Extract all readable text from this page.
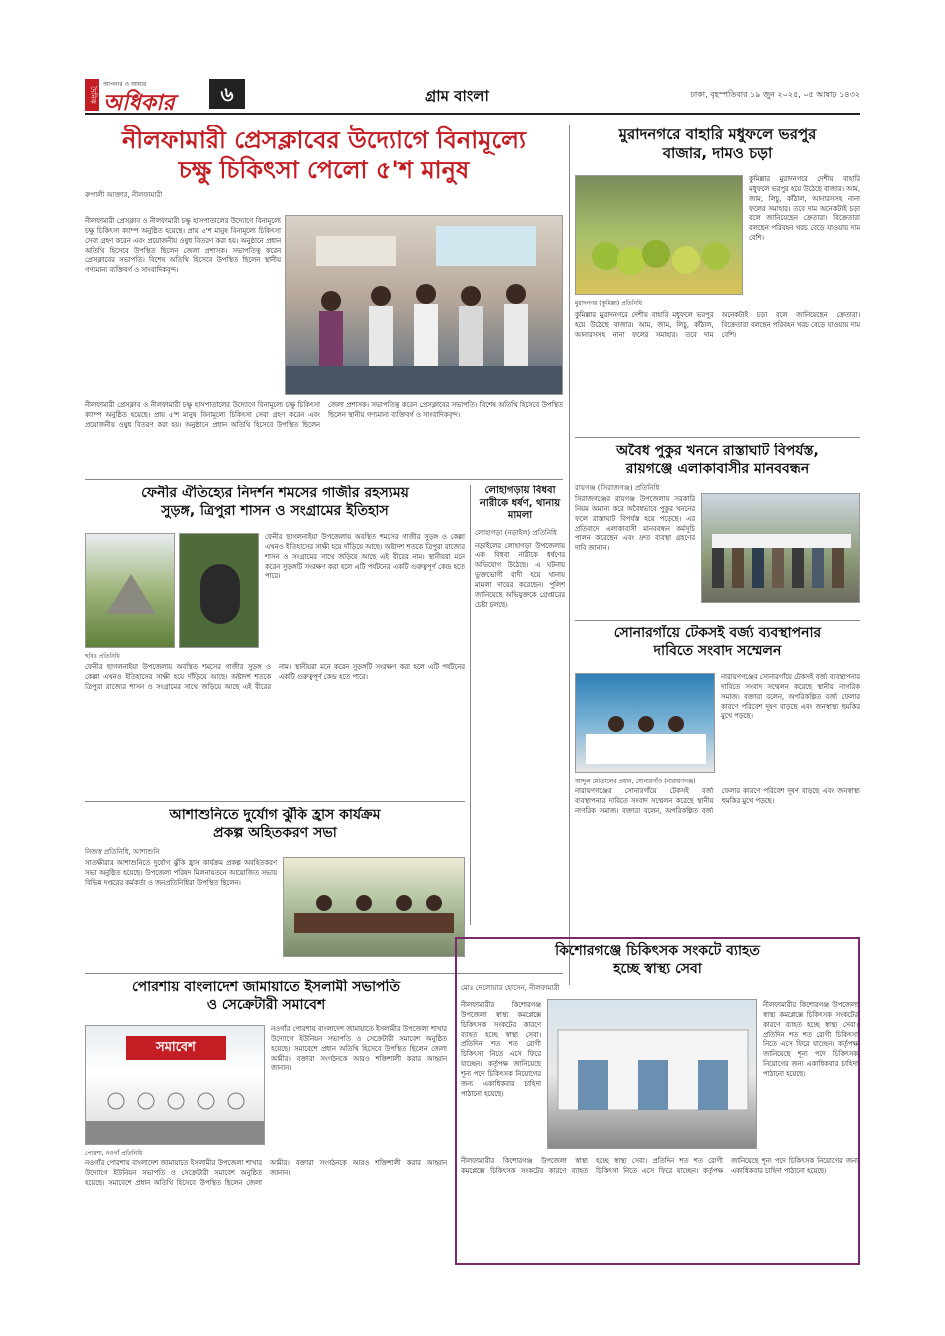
দৈনিক
আপনার ও আমার
অধিকার	৬	গ্রাম বাংলা	ঢাকা, বৃহস্পতিবার ১৯ জুন ২০২৫, ০৫ আষাঢ় ১৪৩২
নীলফামারী প্রেসক্লাবের উদ্যোগে বিনামূল্যে
চক্ষু চিকিৎসা পেলো ৫'শ মানুষ
রুপালী আক্তার, নীলফামারী
নীলফামারী প্রেসক্লাব ও নীলফামারী চক্ষু হাসপাতালের উদ্যোগে বিনামূল্যে চক্ষু চিকিৎসা ক্যাম্প অনুষ্ঠিত হয়েছে। প্রায় ৫'শ মানুষ বিনামূল্যে চিকিৎসা সেবা গ্রহণ করেন এবং প্রয়োজনীয় ওষুধ বিতরণ করা হয়। অনুষ্ঠানে প্রধান অতিথি হিসেবে উপস্থিত ছিলেন জেলা প্রশাসক। সভাপতিত্ব করেন প্রেসক্লাবের সভাপতি। বিশেষ অতিথি হিসেবে উপস্থিত ছিলেন স্থানীয় গণ্যমান্য ব্যক্তিবর্গ ও সাংবাদিকবৃন্দ।
নীলফামারী প্রেসক্লাব ও নীলফামারী চক্ষু হাসপাতালের উদ্যোগে বিনামূল্যে চক্ষু চিকিৎসা ক্যাম্প অনুষ্ঠিত হয়েছে। প্রায় ৫'শ মানুষ বিনামূল্যে চিকিৎসা সেবা গ্রহণ করেন এবং প্রয়োজনীয় ওষুধ বিতরণ করা হয়। অনুষ্ঠানে প্রধান অতিথি হিসেবে উপস্থিত ছিলেন জেলা প্রশাসক। সভাপতিত্ব করেন প্রেসক্লাবের সভাপতি। বিশেষ অতিথি হিসেবে উপস্থিত ছিলেন স্থানীয় গণ্যমান্য ব্যক্তিবর্গ ও সাংবাদিকবৃন্দ।
মুরাদনগরে বাহারি মধুফলে ভরপুর
বাজার, দামও চড়া
মুরাদনগর (কুমিল্লা) প্রতিনিধি
কুমিল্লার মুরাদনগরে দেশীয় বাহারি মধুফলে ভরপুর হয়ে উঠেছে বাজার। আম, জাম, লিচু, কাঁঠাল, আনারসসহ নানা ফলের সমাহার। তবে দাম অনেকটাই চড়া বলে জানিয়েছেন ক্রেতারা। বিক্রেতারা বলছেন পরিবহন খরচ বেড়ে যাওয়ায় দাম বেশি।
কুমিল্লার মুরাদনগরে দেশীয় বাহারি মধুফলে ভরপুর হয়ে উঠেছে বাজার। আম, জাম, লিচু, কাঁঠাল, আনারসসহ নানা ফলের সমাহার। তবে দাম অনেকটাই চড়া বলে জানিয়েছেন ক্রেতারা। বিক্রেতারা বলছেন পরিবহন খরচ বেড়ে যাওয়ায় দাম বেশি।
অবৈধ পুকুর খননে রাস্তাঘাট বিপর্যস্ত,
রায়গঞ্জে এলাকাবাসীর মানববন্ধন
রায়গঞ্জ (সিরাজগঞ্জ) প্রতিনিধি
সিরাজগঞ্জের রায়গঞ্জ উপজেলায় সরকারি নিয়ম অমান্য করে অবৈধভাবে পুকুর খননের ফলে রাস্তাঘাট বিপর্যস্ত হয়ে পড়েছে। এর প্রতিবাদে এলাকাবাসী মানববন্ধন কর্মসূচি পালন করেছেন এবং দ্রুত ব্যবস্থা গ্রহণের দাবি জানান।
ফেনীর ঐতিহ্যের নিদর্শন শমসের গাজীর রহস্যময়
সুড়ঙ্গ, ত্রিপুরা শাসন ও সংগ্রামের ইতিহাস
ছবিঃ প্রতিনিধি
ফেনীর ছাগলনাইয়া উপজেলায় অবস্থিত শমসের গাজীর সুড়ঙ্গ ও কেল্লা এখনও ইতিহাসের সাক্ষী হয়ে দাঁড়িয়ে আছে। অষ্টাদশ শতকে ত্রিপুরা রাজ্যের শাসন ও সংগ্রামের সাথে জড়িয়ে আছে এই বীরের নাম। স্থানীয়রা মনে করেন সুড়ঙ্গটি সংরক্ষণ করা হলে এটি পর্যটনের একটি গুরুত্বপূর্ণ কেন্দ্র হতে পারে।
ফেনীর ছাগলনাইয়া উপজেলায় অবস্থিত শমসের গাজীর সুড়ঙ্গ ও কেল্লা এখনও ইতিহাসের সাক্ষী হয়ে দাঁড়িয়ে আছে। অষ্টাদশ শতকে ত্রিপুরা রাজ্যের শাসন ও সংগ্রামের সাথে জড়িয়ে আছে এই বীরের নাম। স্থানীয়রা মনে করেন সুড়ঙ্গটি সংরক্ষণ করা হলে এটি পর্যটনের একটি গুরুত্বপূর্ণ কেন্দ্র হতে পারে।
লোহাগড়ায় বিধবা নারীকে ধর্ষণ, থানায় মামলা
লোহাগড়া (নড়াইল) প্রতিনিধি
নড়াইলের লোহাগড়া উপজেলায় এক বিধবা নারীকে ধর্ষণের অভিযোগ উঠেছে। এ ঘটনায় ভুক্তভোগী বাদী হয়ে থানায় মামলা দায়ের করেছেন। পুলিশ জানিয়েছে অভিযুক্তকে গ্রেপ্তারের চেষ্টা চলছে।
সোনারগাঁয়ে টেকসই বর্জ্য ব্যবস্থাপনার
দাবিতে সংবাদ সম্মেলন
আব্দুল মোতালেব প্রধান, সোনারগাঁও (নারায়ণগঞ্জ)
নারায়ণগঞ্জের সোনারগাঁয়ে টেকসই বর্জ্য ব্যবস্থাপনার দাবিতে সংবাদ সম্মেলন করেছে স্থানীয় নাগরিক সমাজ। বক্তারা বলেন, অপরিকল্পিত বর্জ্য ফেলার কারণে পরিবেশ দূষণ বাড়ছে এবং জনস্বাস্থ্য হুমকির মুখে পড়ছে।
নারায়ণগঞ্জের সোনারগাঁয়ে টেকসই বর্জ্য ব্যবস্থাপনার দাবিতে সংবাদ সম্মেলন করেছে স্থানীয় নাগরিক সমাজ। বক্তারা বলেন, অপরিকল্পিত বর্জ্য ফেলার কারণে পরিবেশ দূষণ বাড়ছে এবং জনস্বাস্থ্য হুমকির মুখে পড়ছে।
আশাশুনিতে দুর্যোগ ঝুঁকি হ্রাস কার্যক্রম
প্রকল্প অহিতকরণ সভা
নিজস্ব প্রতিনিধি, আশাশুনি
সাতক্ষীরার আশাশুনিতে দুর্যোগ ঝুঁকি হ্রাস কার্যক্রম প্রকল্প অবহিতকরণ সভা অনুষ্ঠিত হয়েছে। উপজেলা পরিষদ মিলনায়তনে আয়োজিত সভায় বিভিন্ন দপ্তরের কর্মকর্তা ও জনপ্রতিনিধিরা উপস্থিত ছিলেন।
কিশোরগঞ্জে চিকিৎসক সংকটে ব্যাহত
হচ্ছে স্বাস্থ্য সেবা
মোঃ দেলোয়ার হোসেন, নীলফামারী
নীলফামারীর কিশোরগঞ্জ উপজেলা স্বাস্থ্য কমপ্লেক্সে চিকিৎসক সংকটের কারণে ব্যাহত হচ্ছে স্বাস্থ্য সেবা। প্রতিদিন শত শত রোগী চিকিৎসা নিতে এসে ফিরে যাচ্ছেন। কর্তৃপক্ষ জানিয়েছে শূন্য পদে চিকিৎসক নিয়োগের জন্য একাধিকবার চাহিদা পাঠানো হয়েছে।
নীলফামারীর কিশোরগঞ্জ উপজেলা স্বাস্থ্য কমপ্লেক্সে চিকিৎসক সংকটের কারণে ব্যাহত হচ্ছে স্বাস্থ্য সেবা। প্রতিদিন শত শত রোগী চিকিৎসা নিতে এসে ফিরে যাচ্ছেন। কর্তৃপক্ষ জানিয়েছে শূন্য পদে চিকিৎসক নিয়োগের জন্য একাধিকবার চাহিদা পাঠানো হয়েছে।
নীলফামারীর কিশোরগঞ্জ উপজেলা স্বাস্থ্য কমপ্লেক্সে চিকিৎসক সংকটের কারণে ব্যাহত হচ্ছে স্বাস্থ্য সেবা। প্রতিদিন শত শত রোগী চিকিৎসা নিতে এসে ফিরে যাচ্ছেন। কর্তৃপক্ষ জানিয়েছে শূন্য পদে চিকিৎসক নিয়োগের জন্য একাধিকবার চাহিদা পাঠানো হয়েছে।
পোরশায় বাংলাদেশ জামায়াতে ইসলামী সভাপতি
ও সেক্রেটারী সমাবেশ
সমাবেশ
পোরশা, নওগাঁ প্রতিনিধি
নওগাঁর পোরশায় বাংলাদেশ জামায়াতে ইসলামীর উপজেলা শাখার উদ্যোগে ইউনিয়ন সভাপতি ও সেক্রেটারী সমাবেশ অনুষ্ঠিত হয়েছে। সমাবেশে প্রধান অতিথি হিসেবে উপস্থিত ছিলেন জেলা আমীর। বক্তারা সংগঠনকে আরও শক্তিশালী করার আহ্বান জানান।
নওগাঁর পোরশায় বাংলাদেশ জামায়াতে ইসলামীর উপজেলা শাখার উদ্যোগে ইউনিয়ন সভাপতি ও সেক্রেটারী সমাবেশ অনুষ্ঠিত হয়েছে। সমাবেশে প্রধান অতিথি হিসেবে উপস্থিত ছিলেন জেলা আমীর। বক্তারা সংগঠনকে আরও শক্তিশালী করার আহ্বান জানান।
